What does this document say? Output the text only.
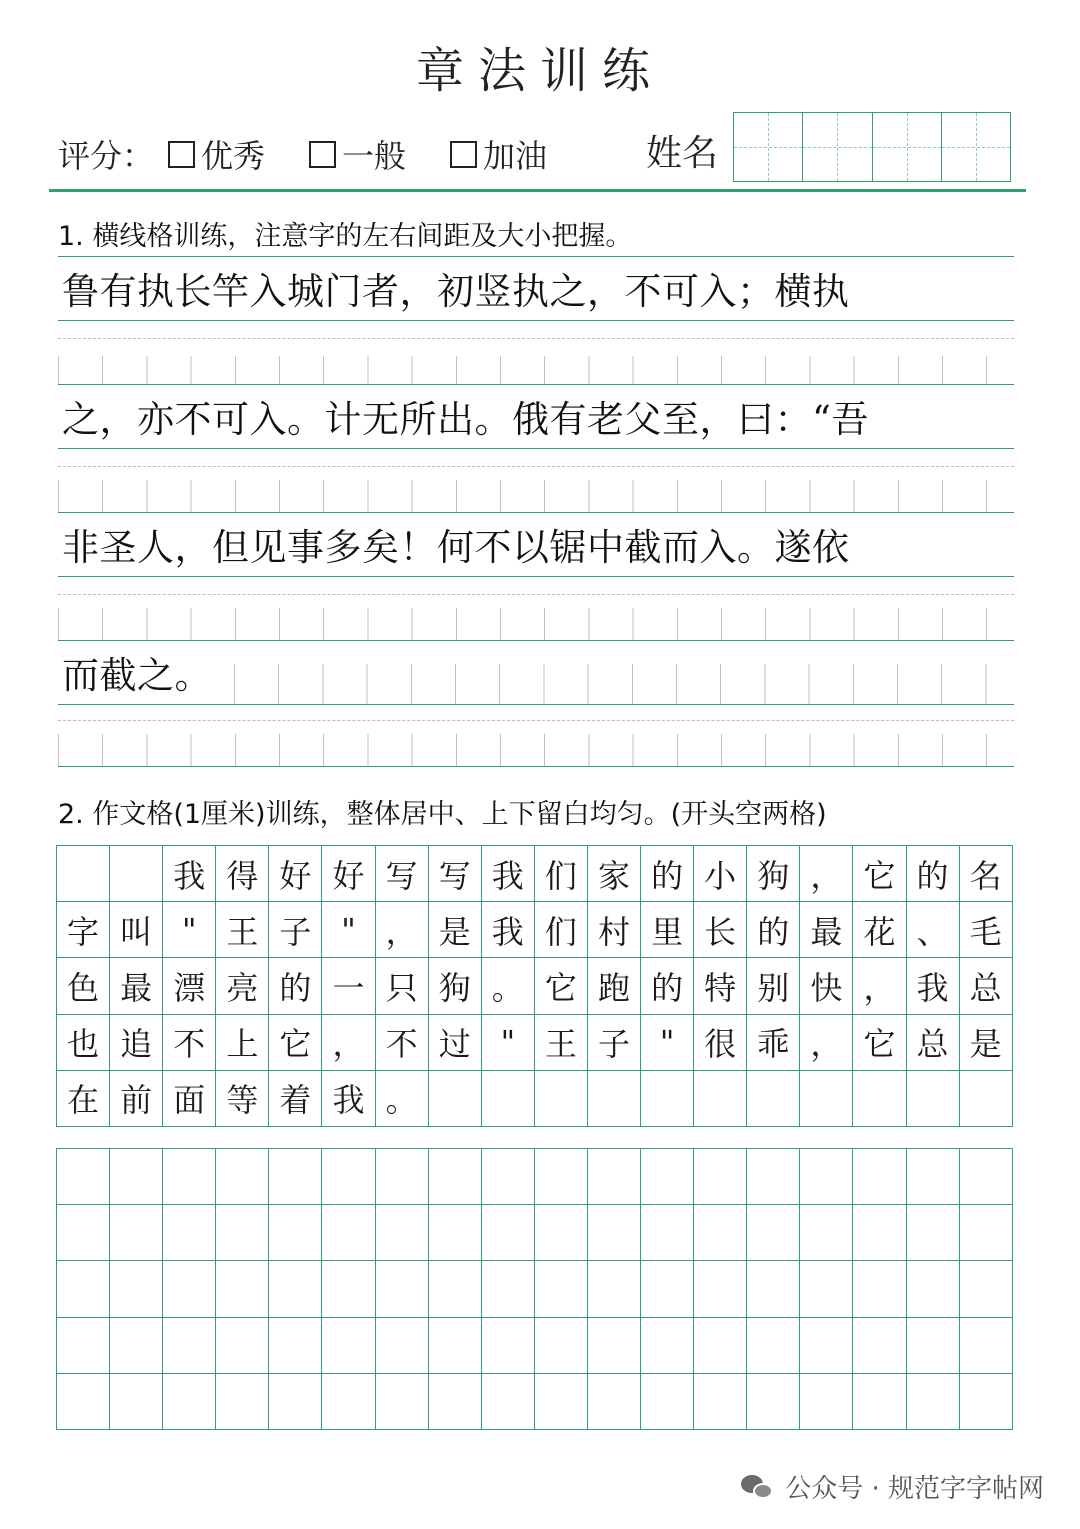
章法训练
评分： 优秀 一般 加油	姓名
1. 横线格训练，注意字的左右间距及大小把握。
鲁有执长竿入城门者，初竖执之，不可入；横执
之，亦不可入。计无所出。俄有老父至，曰：“吾
非圣人，但见事多矣！何不以锯中截而入。遂依
而截之。
2. 作文格(1厘米)训练，整体居中、上下留白均匀。(开头空两格)
我 得 好 好 写 写 我 们 家 的 小 狗 ， 它 的 名
字 叫 " 王 子 " ， 是 我 们 村 里 长 的 最 花 、 毛
色 最 漂 亮 的 一 只 狗 。 它 跑 的 特 别 快 ， 我 总
也 追 不 上 它 ， 不 过 " 王 子 " 很 乖 ， 它 总 是
在 前 面 等 着 我 。
公众号 · 规范字字帖网
